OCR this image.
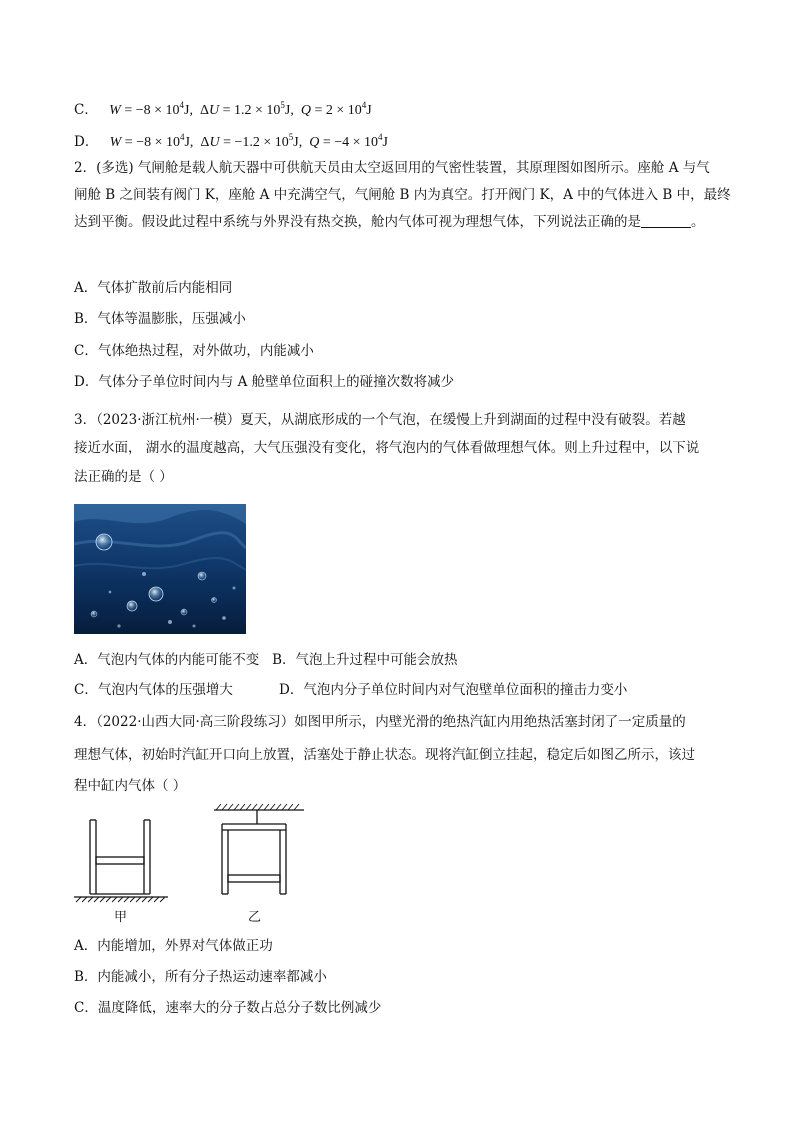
C． $W = -8 \times 10^4J$,  $\Delta U = 1.2 \times 10^5J$,  $Q = 2 \times 10^4J$
D． $W = -8 \times 10^4J$,  $\Delta U = -1.2 \times 10^5J$,  $Q = -4 \times 10^4J$
2．(多选) 气闸舱是载人航天器中可供航天员由太空返回用的气密性装置，其原理图如图所示。座舱 A 与气
闸舱 B 之间装有阀门 K，座舱 A 中充满空气，气闸舱 B 内为真空。打开阀门 K，A 中的气体进入 B 中，最终
达到平衡。假设此过程中系统与外界没有热交换，舱内气体可视为理想气体，下列说法正确的是	。
A．气体扩散前后内能相同
B．气体等温膨胀，压强减小
C．气体绝热过程，对外做功，内能减小
D．气体分子单位时间内与 A 舱壁单位面积上的碰撞次数将减少
3．（2023·浙江杭州·一模）夏天，从湖底形成的一个气泡，在缓慢上升到湖面的过程中没有破裂。若越
接近水面， 湖水的温度越高，大气压强没有变化，将气泡内的气体看做理想气体。则上升过程中，以下说
法正确的是（ ）
A．气泡内气体的内能可能不变 B．气泡上升过程中可能会放热
C．气泡内气体的压强增大	D．气泡内分子单位时间内对气泡壁单位面积的撞击力变小
4．（2022·山西大同·高三阶段练习）如图甲所示，内壁光滑的绝热汽缸内用绝热活塞封闭了一定质量的
理想气体，初始时汽缸开口向上放置，活塞处于静止状态。现将汽缸倒立挂起，稳定后如图乙所示，该过
程中缸内气体（ ）
甲	乙
A．内能增加，外界对气体做正功
B．内能减小，所有分子热运动速率都减小
C．温度降低，速率大的分子数占总分子数比例减少
